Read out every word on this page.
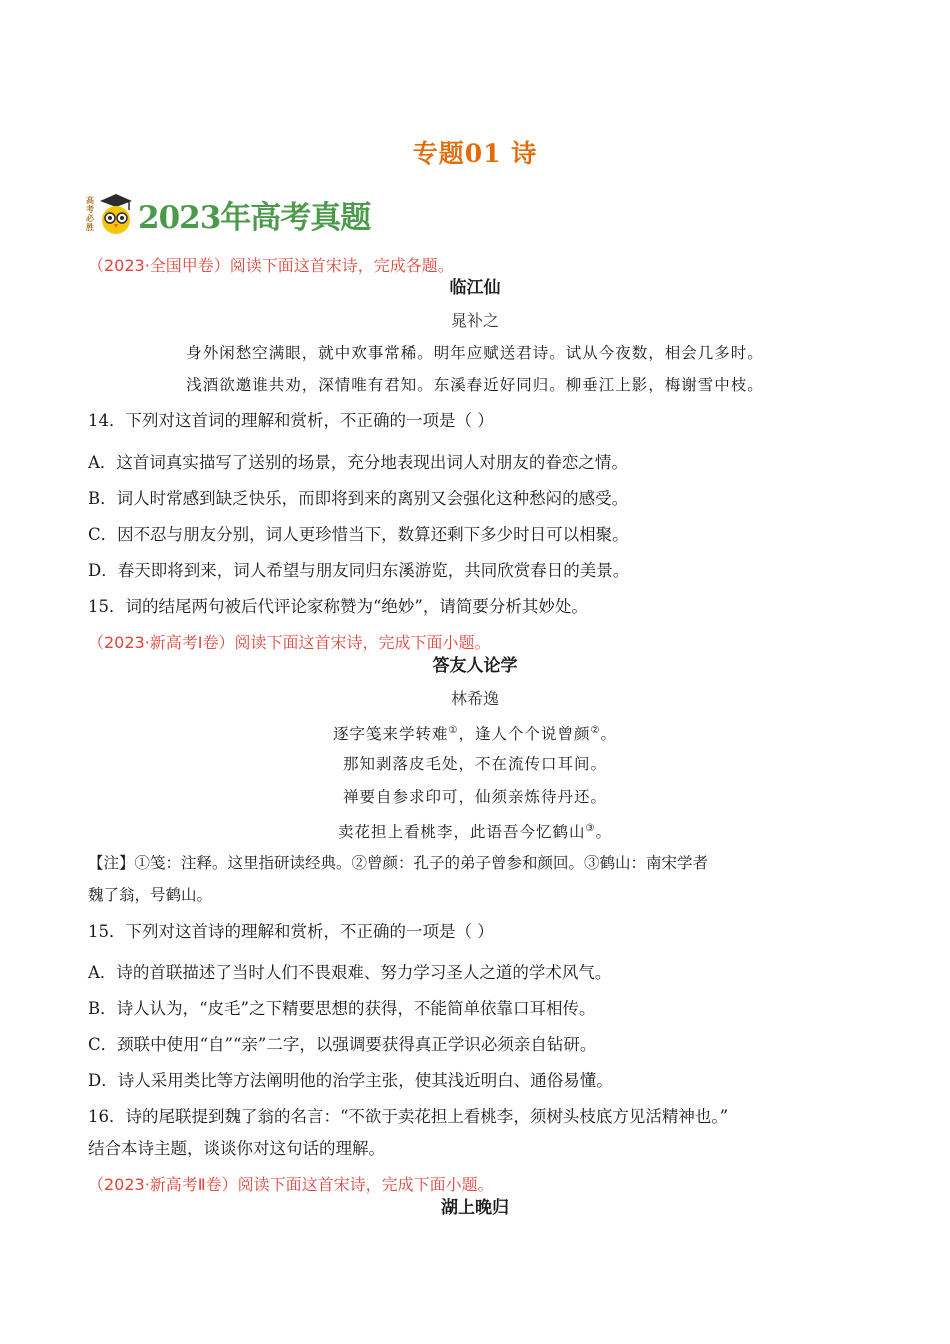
专题01 诗
高考必胜 2023年高考真题
（2023·全国甲卷）阅读下面这首宋诗，完成各题。
临江仙
晁补之
身外闲愁空满眼，就中欢事常稀。明年应赋送君诗。试从今夜数，相会几多时。
浅酒欲邀谁共劝，深情唯有君知。东溪春近好同归。柳垂江上影，梅谢雪中枝。
14．下列对这首词的理解和赏析，不正确的一项是（ ）
A．这首词真实描写了送别的场景，充分地表现出词人对朋友的眷恋之情。
B．词人时常感到缺乏快乐，而即将到来的离别又会强化这种愁闷的感受。
C．因不忍与朋友分别，词人更珍惜当下，数算还剩下多少时日可以相聚。
D．春天即将到来，词人希望与朋友同归东溪游览，共同欣赏春日的美景。
15．词的结尾两句被后代评论家称赞为“绝妙”，请简要分析其妙处。
（2023·新高考Ⅰ卷）阅读下面这首宋诗，完成下面小题。
答友人论学
林希逸
逐字笺来学转难①，逢人个个说曾颜②。
那知剥落皮毛处，不在流传口耳间。
禅要自参求印可，仙须亲炼待丹还。
卖花担上看桃李，此语吾今忆鹤山③。
【注】①笺：注释。这里指研读经典。②曾颜：孔子的弟子曾参和颜回。③鹤山：南宋学者
魏了翁，号鹤山。
15．下列对这首诗的理解和赏析，不正确的一项是（ ）
A．诗的首联描述了当时人们不畏艰难、努力学习圣人之道的学术风气。
B．诗人认为，“皮毛”之下精要思想的获得，不能简单依靠口耳相传。
C．颈联中使用“自”“亲”二字，以强调要获得真正学识必须亲自钻研。
D．诗人采用类比等方法阐明他的治学主张，使其浅近明白、通俗易懂。
16．诗的尾联提到魏了翁的名言：“不欲于卖花担上看桃李，须树头枝底方见活精神也。”
结合本诗主题，谈谈你对这句话的理解。
（2023·新高考Ⅱ卷）阅读下面这首宋诗，完成下面小题。
湖上晚归
